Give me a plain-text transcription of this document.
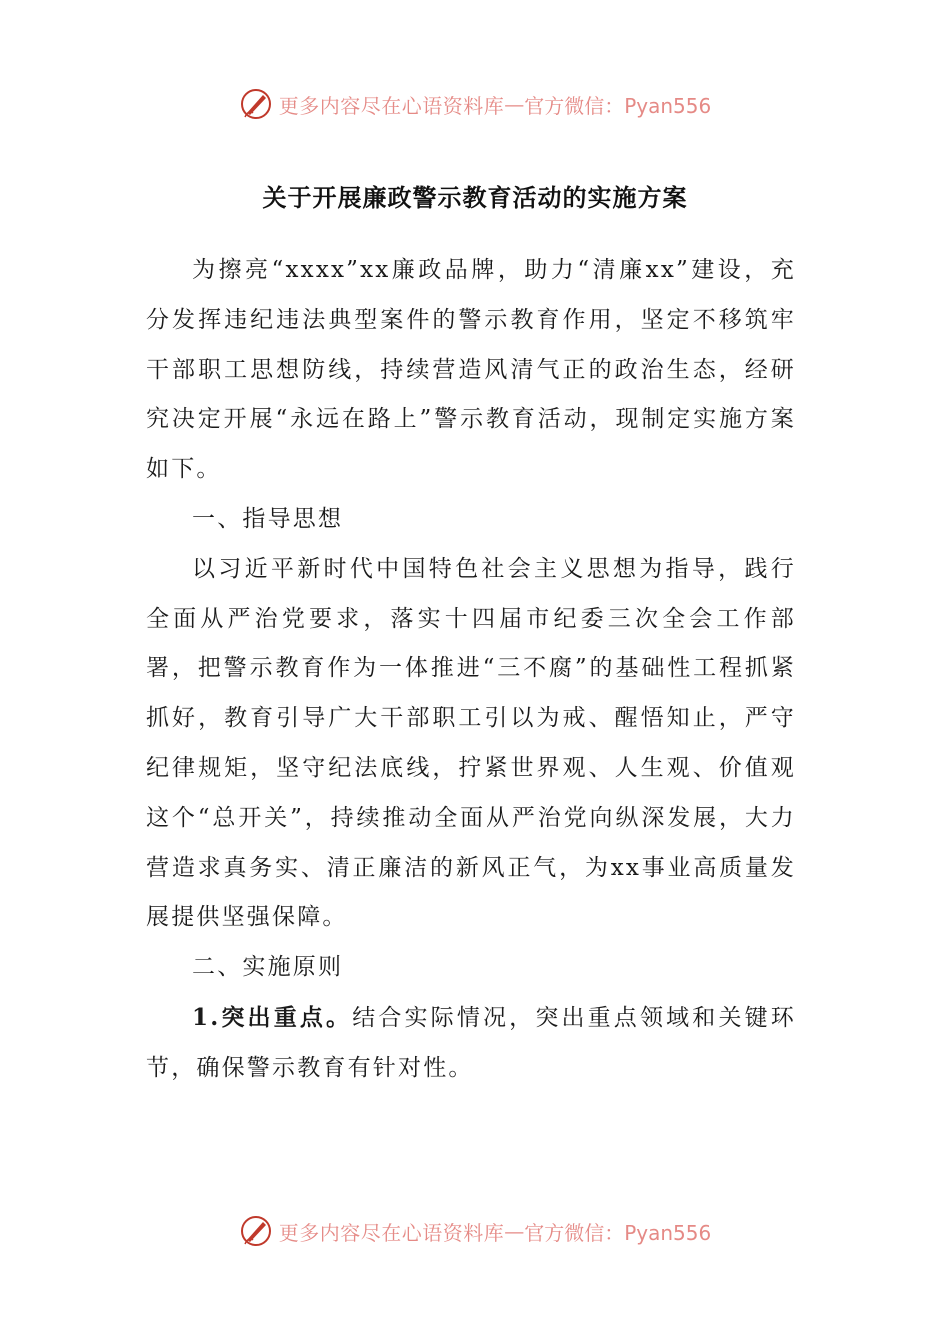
更多内容尽在心语资料库 — 官方微信：Pyan556
关于开展廉政警示教育活动的实施方案

为擦亮“xxxx”xx廉政品牌，助力“清廉xx”建设，充分发挥违纪违法典型案件的警示教育作用，坚定不移筑牢干部职工思想防线，持续营造风清气正的政治生态，经研究决定开展“永远在路上”警示教育活动，现制定实施方案如下。

一、指导思想

以习近平新时代中国特色社会主义思想为指导，践行全面从严治党要求，落实十四届市纪委三次全会工作部署，把警示教育作为一体推进“三不腐”的基础性工程抓紧抓好，教育引导广大干部职工引以为戒、醒悟知止，严守纪律规矩，坚守纪法底线，拧紧世界观、人生观、价值观这个“总开关”，持续推动全面从严治党向纵深发展，大力营造求真务实、清正廉洁的新风正气，为xx事业高质量发展提供坚强保障。

二、实施原则

1.突出重点。结合实际情况，突出重点领域和关键环节，确保警示教育有针对性。

更多内容尽在心语资料库 — 官方微信：Pyan556
